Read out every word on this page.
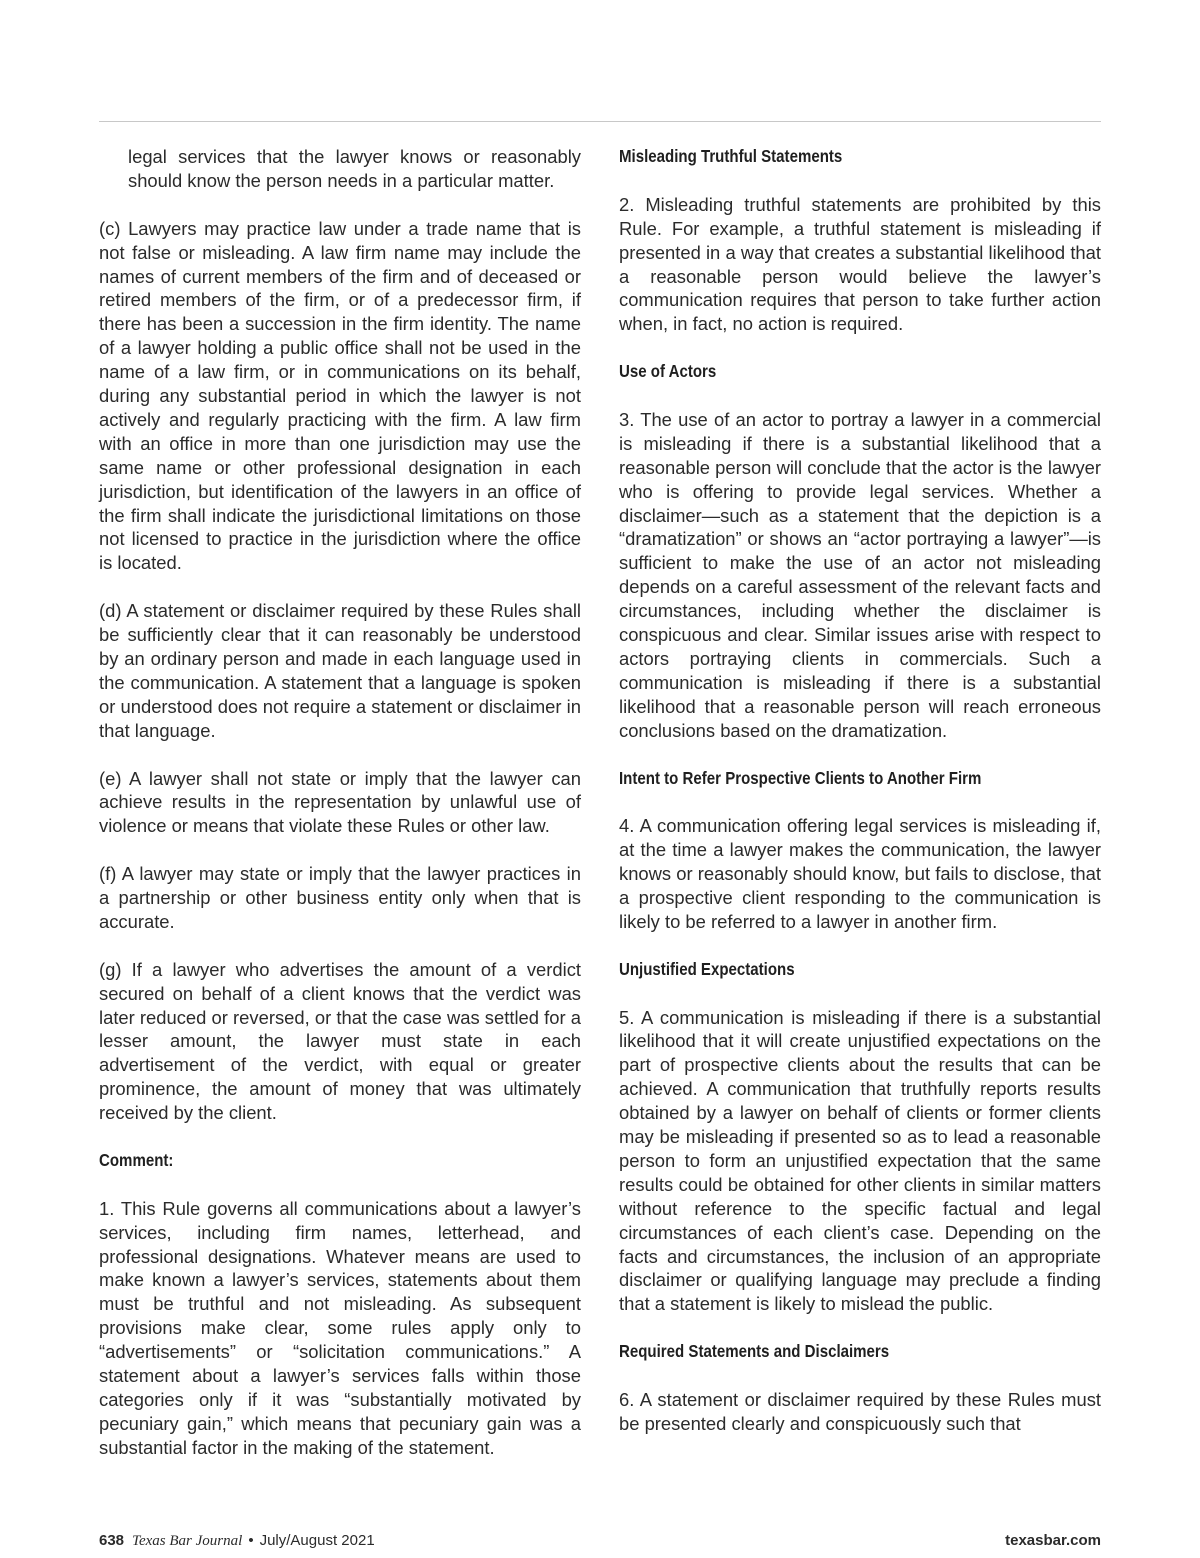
legal services that the lawyer knows or reasonably should know the person needs in a particular matter.

(c) Lawyers may practice law under a trade name that is not false or misleading. A law firm name may include the names of current members of the firm and of deceased or retired members of the firm, or of a predecessor firm, if there has been a succession in the firm identity. The name of a lawyer holding a public office shall not be used in the name of a law firm, or in communications on its behalf, during any substantial period in which the lawyer is not actively and regularly practicing with the firm. A law firm with an office in more than one jurisdiction may use the same name or other professional designation in each jurisdiction, but identification of the lawyers in an office of the firm shall indicate the jurisdictional limitations on those not licensed to practice in the jurisdiction where the office is located.

(d) A statement or disclaimer required by these Rules shall be sufficiently clear that it can reasonably be understood by an ordinary person and made in each language used in the communication. A statement that a language is spoken or understood does not require a statement or disclaimer in that language.

(e) A lawyer shall not state or imply that the lawyer can achieve results in the representation by unlawful use of violence or means that violate these Rules or other law.

(f) A lawyer may state or imply that the lawyer practices in a partnership or other business entity only when that is accurate.

(g) If a lawyer who advertises the amount of a verdict secured on behalf of a client knows that the verdict was later reduced or reversed, or that the case was settled for a lesser amount, the lawyer must state in each advertisement of the verdict, with equal or greater prominence, the amount of money that was ultimately received by the client.

Comment:

1. This Rule governs all communications about a lawyer’s services, including firm names, letterhead, and professional designations. Whatever means are used to make known a lawyer’s services, statements about them must be truthful and not misleading. As subsequent provisions make clear, some rules apply only to “advertisements” or “solicitation communications.” A statement about a lawyer’s services falls within those categories only if it was “substantially motivated by pecuniary gain,” which means that pecuniary gain was a substantial factor in the making of the statement.

Misleading Truthful Statements

2. Misleading truthful statements are prohibited by this Rule. For example, a truthful statement is misleading if presented in a way that creates a substantial likelihood that a reasonable person would believe the lawyer’s communication requires that person to take further action when, in fact, no action is required.

Use of Actors

3. The use of an actor to portray a lawyer in a commercial is misleading if there is a substantial likelihood that a reasonable person will conclude that the actor is the lawyer who is offering to provide legal services. Whether a disclaimer—such as a statement that the depiction is a “dramatization” or shows an “actor portraying a lawyer”—is sufficient to make the use of an actor not misleading depends on a careful assessment of the relevant facts and circumstances, including whether the disclaimer is conspicuous and clear. Similar issues arise with respect to actors portraying clients in commercials. Such a communication is misleading if there is a substantial likelihood that a reasonable person will reach erroneous conclusions based on the dramatization.

Intent to Refer Prospective Clients to Another Firm

4. A communication offering legal services is misleading if, at the time a lawyer makes the communication, the lawyer knows or reasonably should know, but fails to disclose, that a prospective client responding to the communication is likely to be referred to a lawyer in another firm.

Unjustified Expectations

5. A communication is misleading if there is a substantial likelihood that it will create unjustified expectations on the part of prospective clients about the results that can be achieved. A communication that truthfully reports results obtained by a lawyer on behalf of clients or former clients may be misleading if presented so as to lead a reasonable person to form an unjustified expectation that the same results could be obtained for other clients in similar matters without reference to the specific factual and legal circumstances of each client’s case. Depending on the facts and circumstances, the inclusion of an appropriate disclaimer or qualifying language may preclude a finding that a statement is likely to mislead the public.

Required Statements and Disclaimers

6. A statement or disclaimer required by these Rules must be presented clearly and conspicuously such that

638 Texas Bar Journal • July/August 2021	texasbar.com
